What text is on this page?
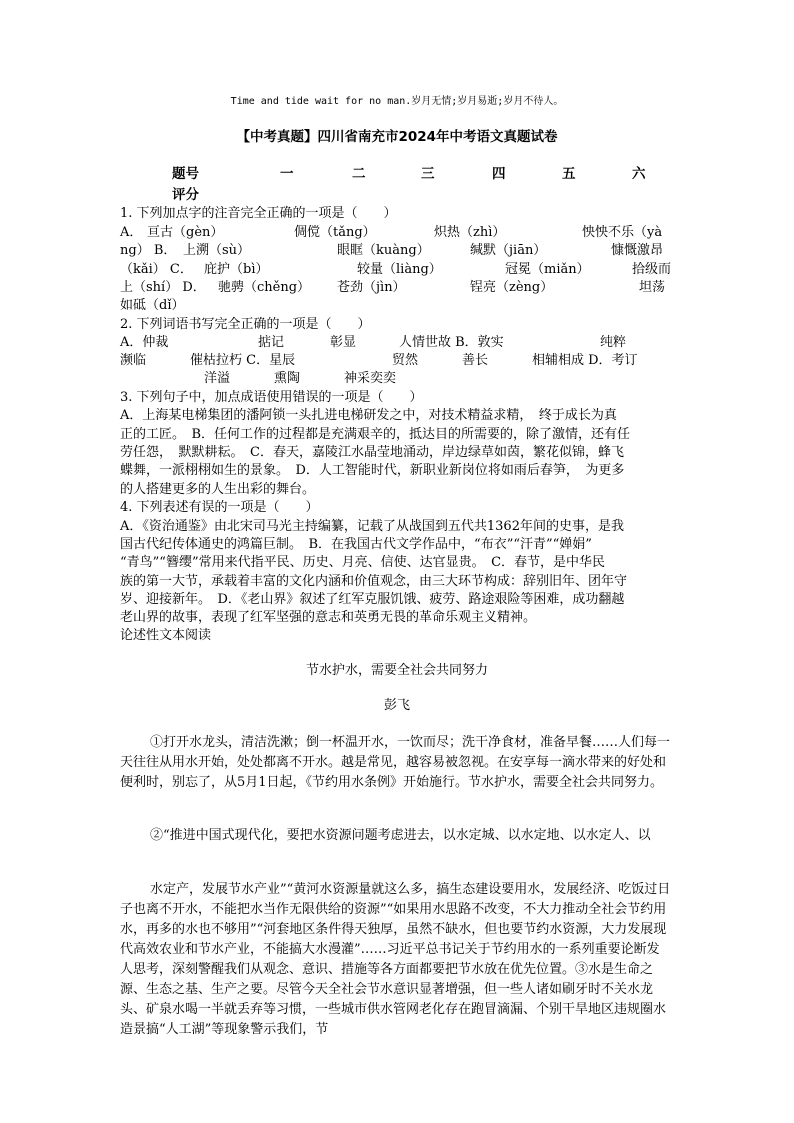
Time and tide wait for no man.岁月无情;岁月易逝;岁月不待人。
【中考真题】四川省南充市2024年中考语文真题试卷
题号	一	二	三	四	五	六
评分
1. 下列加点字的注音完全正确的一项是（　　）
A． 亘古（gèn）	倜傥（tǎng）	炽热（zhì）	怏怏不乐（yà
ng） B． 上溯（sù）	眼眶（kuàng）	缄默（jiān）	慷慨激昂
（kǎi） C． 庇护（bì）	较量（liàng）	冠冕（miǎn）	拾级而
上（shí） D． 驰骋（chěng） 苍劲（jìn）	锃亮（zèng）	坦荡
如砥（dǐ）
2. 下列词语书写完全正确的一项是（　　）
A．仲裁	掂记	彰显	人情世故 B．敦实	纯粹
濒临	催枯拉朽 C．星辰	贸然	善长	相辅相成 D．考订
洋溢	熏陶	神采奕奕
3. 下列句子中，加点成语使用错误的一项是（　　）
A．上海某电梯集团的潘阿锁一头扎进电梯研发之中，对技术精益求精，　终于成长为真
正的工匠。　B．任何工作的过程都是充满艰辛的，抵达目的所需要的，除了激情，还有任
劳任怨，　默默耕耘。　C．春天，嘉陵江水晶莹地涌动，岸边绿草如茵，繁花似锦，蜂飞
蝶舞，一派栩栩如生的景象。　D．人工智能时代，新职业新岗位将如雨后春笋，　为更多
的人搭建更多的人生出彩的舞台。
4. 下列表述有误的一项是（　　）
A．《资治通鉴》由北宋司马光主持编纂，记载了从战国到五代共1362年间的史事，是我
国古代纪传体通史的鸿篇巨制。　B．在我国古代文学作品中，“布衣”“汗青”“婵娟”
“青鸟”“簪缨”常用来代指平民、历史、月亮、信使、达官显贵。　C．春节，是中华民
族的第一大节，承载着丰富的文化内涵和价值观念，由三大环节构成：辞别旧年、团年守
岁、迎接新年。　D．《老山界》叙述了红军克服饥饿、疲劳、路途艰险等困难，成功翻越
老山界的故事，表现了红军坚强的意志和英勇无畏的革命乐观主义精神。
论述性文本阅读
节水护水，需要全社会共同努力
彭飞
①打开水龙头，清洁洗漱；倒一杯温开水，一饮而尽；洗干净食材，准备早餐……人们每一天往往从用水开始，处处都离不开水。越是常见，越容易被忽视。在安享每一滴水带来的好处和便利时，别忘了，从5月1日起，《节约用水条例》开始施行。节水护水，需要全社会共同努力。
②“推进中国式现代化，要把水资源问题考虑进去，以水定城、以水定地、以水定人、以
水定产，发展节水产业”“黄河水资源量就这么多，搞生态建设要用水，发展经济、吃饭过日子也离不开水，不能把水当作无限供给的资源”“如果用水思路不改变，不大力推动全社会节约用水，再多的水也不够用”“河套地区条件得天独厚，虽然不缺水，但也要节约水资源，大力发展现代高效农业和节水产业，不能搞大水漫灌”……习近平总书记关于节约用水的一系列重要论断发人思考，深刻警醒我们从观念、意识、措施等各方面都要把节水放在优先位置。③水是生命之源、生态之基、生产之要。尽管今天全社会节水意识显著增强，但一些人诸如刷牙时不关水龙头、矿泉水喝一半就丢弃等习惯，一些城市供水管网老化存在跑冒滴漏、个别干旱地区违规圈水造景搞“人工湖”等现象警示我们，节
